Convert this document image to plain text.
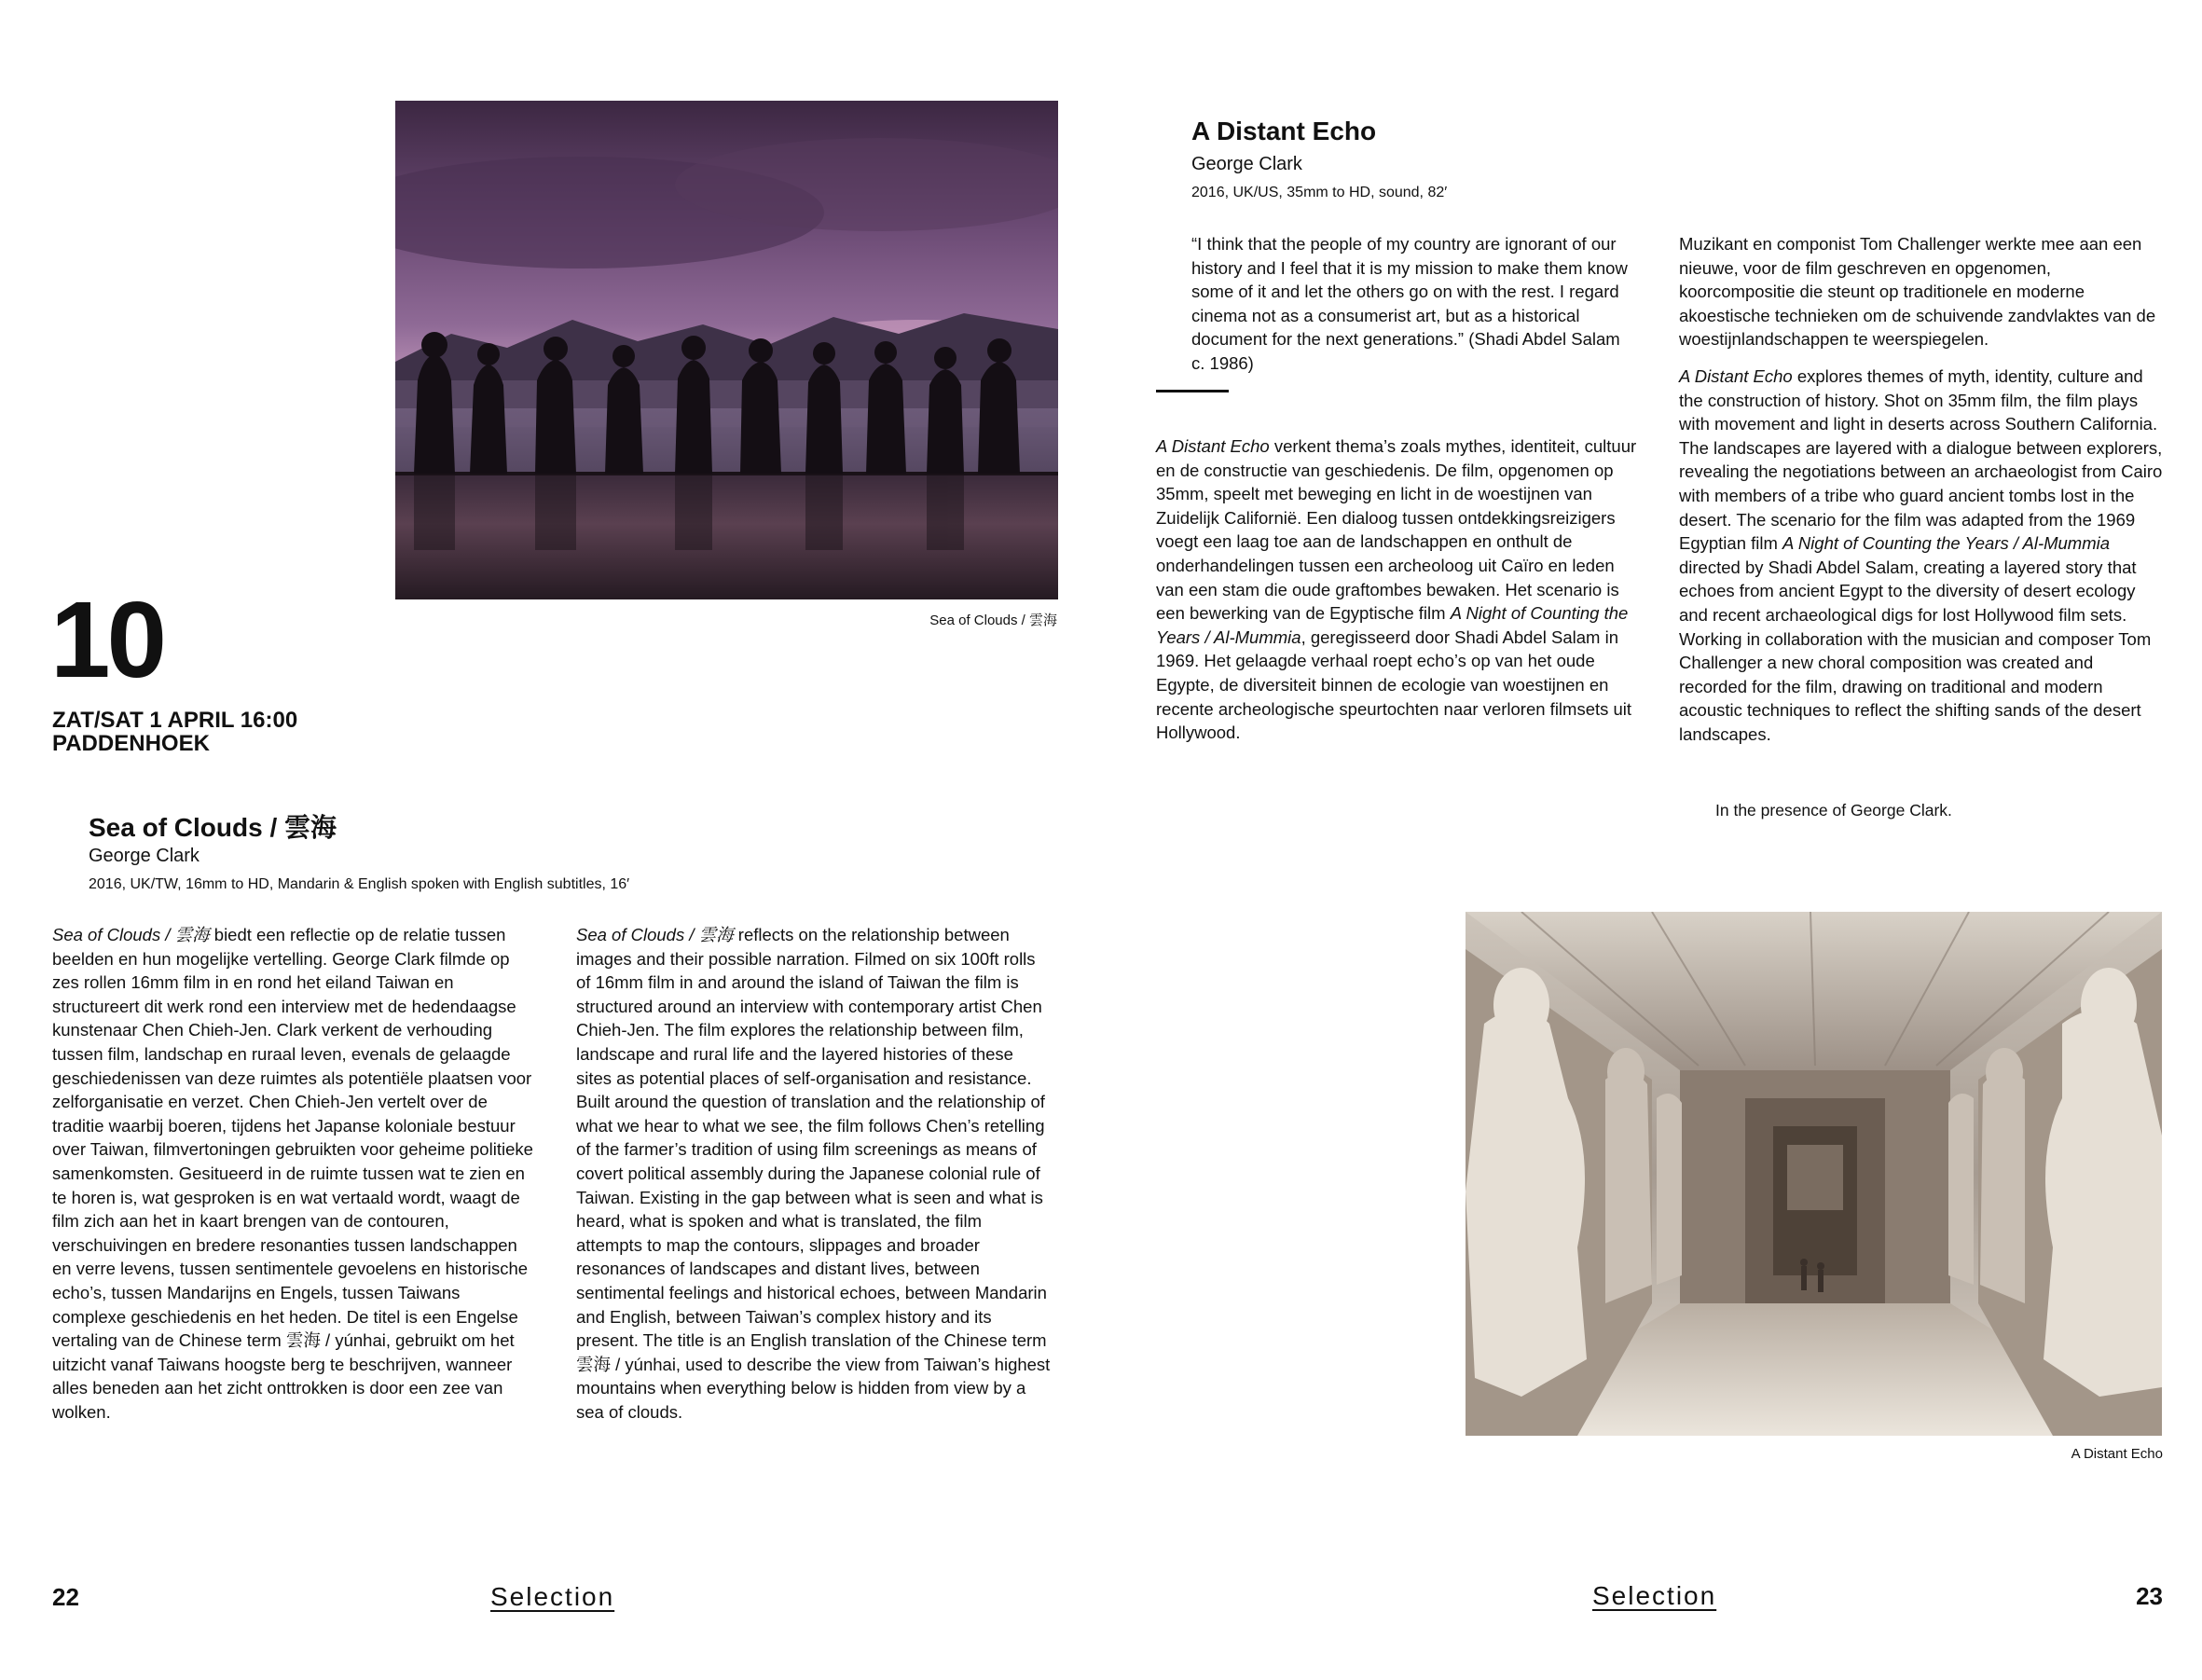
Sea of Clouds / 雲海
10
ZAT/SAT 1 APRIL 16:00
PADDENHOEK
Sea of Clouds / 雲海
George Clark
2016, UK/TW, 16mm to HD, Mandarin & English spoken with English subtitles, 16′

Sea of Clouds / 雲海 biedt een reflectie op de relatie tussen beelden en hun mogelijke vertelling. George Clark filmde op zes rollen 16mm film in en rond het eiland Taiwan en structureert dit werk rond een interview met de hedendaagse kunstenaar Chen Chieh-Jen. Clark verkent de verhouding tussen film, landschap en ruraal leven, evenals de gelaagde geschiedenissen van deze ruimtes als potentiële plaatsen voor zelforganisatie en verzet. Chen Chieh-Jen vertelt over de traditie waarbij boeren, tijdens het Japanse koloniale bestuur over Taiwan, filmvertoningen gebruikten voor geheime politieke samenkomsten. Gesitueerd in de ruimte tussen wat te zien en te horen is, wat gesproken is en wat vertaald wordt, waagt de film zich aan het in kaart brengen van de contouren, verschuivingen en bredere resonanties tussen landschappen en verre levens, tussen sentimentele gevoelens en historische echo’s, tussen Mandarijns en Engels, tussen Taiwans complexe geschiedenis en het heden. De titel is een Engelse vertaling van de Chinese term 雲海 / yúnhai, gebruikt om het uitzicht vanaf Taiwans hoogste berg te beschrijven, wanneer alles beneden aan het zicht onttrokken is door een zee van wolken.

Sea of Clouds / 雲海 reflects on the relationship between images and their possible narration. Filmed on six 100ft rolls of 16mm film in and around the island of Taiwan the film is structured around an interview with contemporary artist Chen Chieh-Jen. The film explores the relationship between film, landscape and rural life and the layered histories of these sites as potential places of self-organisation and resistance. Built around the question of translation and the relationship of what we hear to what we see, the film follows Chen’s retelling of the farmer’s tradition of using film screenings as means of covert political assembly during the Japanese colonial rule of Taiwan. Existing in the gap between what is seen and what is heard, what is spoken and what is translated, the film attempts to map the contours, slippages and broader resonances of landscapes and distant lives, between sentimental feelings and historical echoes, between Mandarin and English, between Taiwan’s complex history and its present. The title is an English translation of the Chinese term 雲海 / yúnhai, used to describe the view from Taiwan’s highest mountains when everything below is hidden from view by a sea of clouds.

22	Selection
A Distant Echo
George Clark
2016, UK/US, 35mm to HD, sound, 82′
“I think that the people of my country are ignorant of our history and I feel that it is my mission to make them know some of it and let the others go on with the rest. I regard cinema not as a consumerist art, but as a historical document for the next generations.” (Shadi Abdel Salam c. 1986)

A Distant Echo verkent thema’s zoals mythes, identiteit, cultuur en de constructie van geschiedenis. De film, opgenomen op 35mm, speelt met beweging en licht in de woestijnen van Zuidelijk Californië. Een dialoog tussen ontdekkingsreizigers voegt een laag toe aan de landschappen en onthult de onderhandelingen tussen een archeoloog uit Caïro en leden van een stam die oude graftombes bewaken. Het scenario is een bewerking van de Egyptische film A Night of Counting the Years / Al-Mummia, geregisseerd door Shadi Abdel Salam in 1969. Het gelaagde verhaal roept echo’s op van het oude Egypte, de diversiteit binnen de ecologie van woestijnen en recente archeologische speurtochten naar verloren filmsets uit Hollywood.

Muzikant en componist Tom Challenger werkte mee aan een nieuwe, voor de film geschreven en opgenomen, koorcompositie die steunt op traditionele en moderne akoestische technieken om de schuivende zandvlaktes van de woestijnlandschappen te weerspiegelen.

A Distant Echo explores themes of myth, identity, culture and the construction of history. Shot on 35mm film, the film plays with movement and light in deserts across Southern California. The landscapes are layered with a dialogue between explorers, revealing the negotiations between an archaeologist from Cairo with members of a tribe who guard ancient tombs lost in the desert. The scenario for the film was adapted from the 1969 Egyptian film A Night of Counting the Years / Al-Mummia directed by Shadi Abdel Salam, creating a layered story that echoes from ancient Egypt to the diversity of desert ecology and recent archaeological digs for lost Hollywood film sets. Working in collaboration with the musician and composer Tom Challenger a new choral composition was created and recorded for the film, drawing on traditional and modern acoustic techniques to reflect the shifting sands of the desert landscapes.

In the presence of George Clark.
A Distant Echo
Selection	23
